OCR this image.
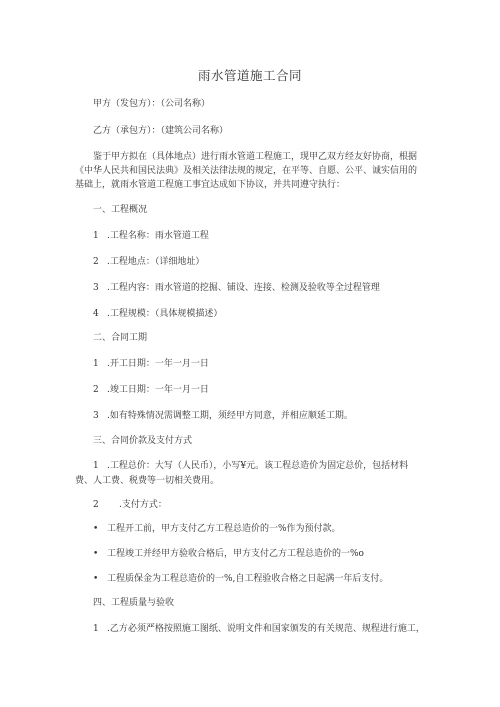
雨水管道施工合同
甲方（发包方）：（公司名称）
乙方（承包方）：（建筑公司名称）
鉴于甲方拟在（具体地点）进行雨水管道工程施工，现甲乙双方经友好协商，根据
《中华人民共和国民法典》及相关法律法规的规定，在平等、自愿、公平、诚实信用的
基础上，就雨水管道工程施工事宜达成如下协议，并共同遵守执行：
一、工程概况
1 .工程名称：雨水管道工程
2 .工程地点：（详细地址）
3 .工程内容：雨水管道的挖掘、铺设、连接、检测及验收等全过程管理
4 .工程规模：（具体规模描述）
二、合同工期
1 .开工日期：一年一月一日
2 .竣工日期：一年一月一日
3 .如有特殊情况需调整工期，须经甲方同意，并相应顺延工期。
三、合同价款及支付方式
1 .工程总价：大写（人民币），小写¥元。该工程总造价为固定总价，包括材料
费、人工费、税费等一切相关费用。
2 .支付方式：
• 工程开工前，甲方支付乙方工程总造价的一%作为预付款。
• 工程竣工并经甲方验收合格后，甲方支付乙方工程总造价的一%o
• 工程质保金为工程总造价的一%,自工程验收合格之日起满一年后支付。
四、工程质量与验收
1 .乙方必须严格按照施工图纸、说明文件和国家颁发的有关规范、规程进行施工，
